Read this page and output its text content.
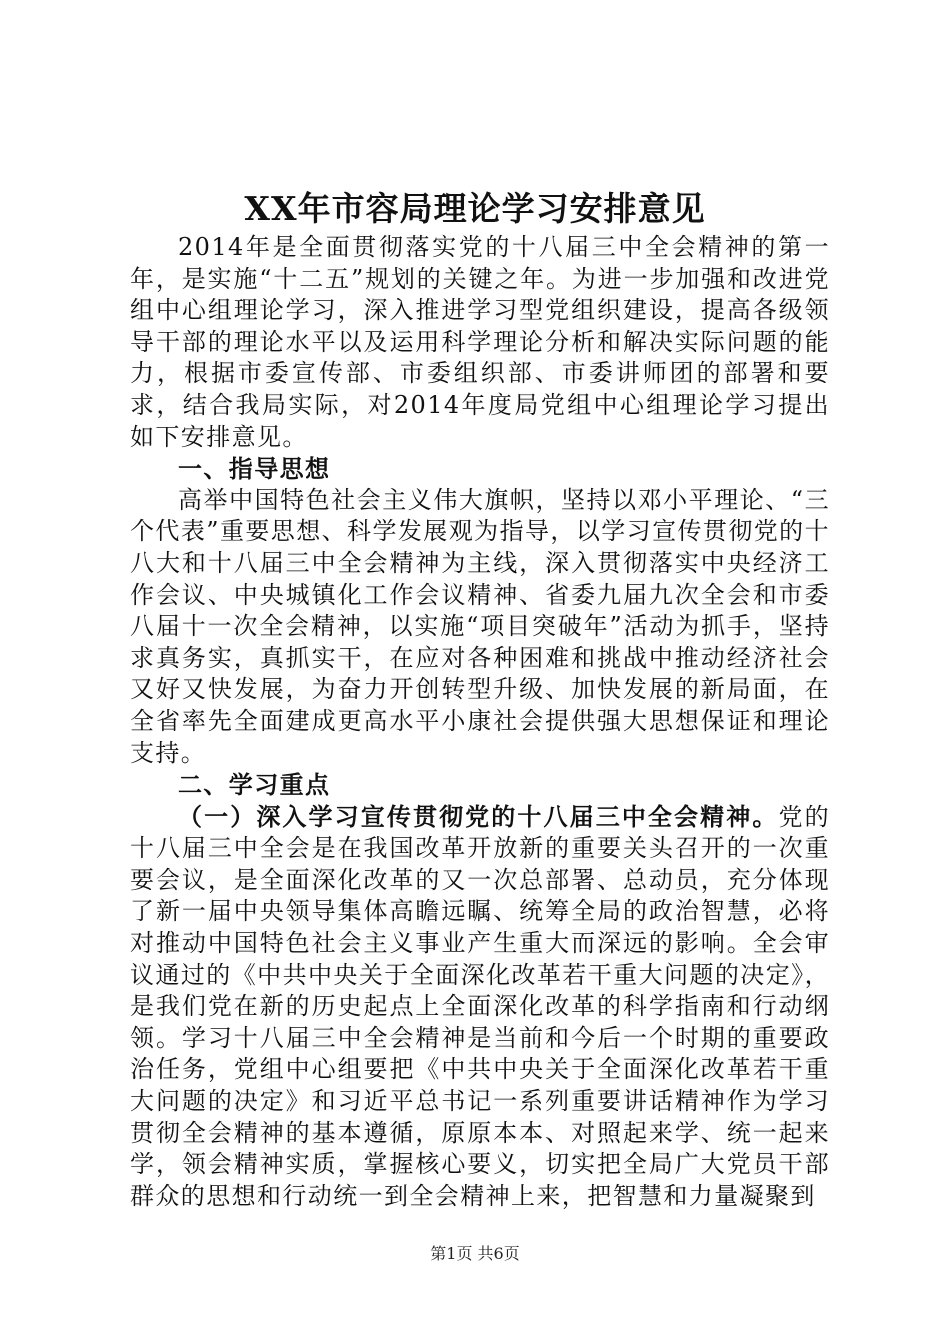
XX年市容局理论学习安排意见

2014年是全面贯彻落实党的十八届三中全会精神的第一年，是实施“十二五”规划的关键之年。为进一步加强和改进党组中心组理论学习，深入推进学习型党组织建设，提高各级领导干部的理论水平以及运用科学理论分析和解决实际问题的能力，根据市委宣传部、市委组织部、市委讲师团的部署和要求，结合我局实际，对2014年度局党组中心组理论学习提出如下安排意见。

一、指导思想

高举中国特色社会主义伟大旗帜，坚持以邓小平理论、“三个代表”重要思想、科学发展观为指导，以学习宣传贯彻党的十八大和十八届三中全会精神为主线，深入贯彻落实中央经济工作会议、中央城镇化工作会议精神、省委九届九次全会和市委八届十一次全会精神，以实施“项目突破年”活动为抓手，坚持求真务实，真抓实干，在应对各种困难和挑战中推动经济社会又好又快发展，为奋力开创转型升级、加快发展的新局面，在全省率先全面建成更高水平小康社会提供强大思想保证和理论支持。

二、学习重点

（一）深入学习宣传贯彻党的十八届三中全会精神。党的十八届三中全会是在我国改革开放新的重要关头召开的一次重要会议，是全面深化改革的又一次总部署、总动员，充分体现了新一届中央领导集体高瞻远瞩、统筹全局的政治智慧，必将对推动中国特色社会主义事业产生重大而深远的影响。全会审议通过的《中共中央关于全面深化改革若干重大问题的决定》，是我们党在新的历史起点上全面深化改革的科学指南和行动纲领。学习十八届三中全会精神是当前和今后一个时期的重要政治任务，党组中心组要把《中共中央关于全面深化改革若干重大问题的决定》和习近平总书记一系列重要讲话精神作为学习贯彻全会精神的基本遵循，原原本本、对照起来学、统一起来学，领会精神实质，掌握核心要义，切实把全局广大党员干部群众的思想和行动统一到全会精神上来，把智慧和力量凝聚到

第1页 共6页
